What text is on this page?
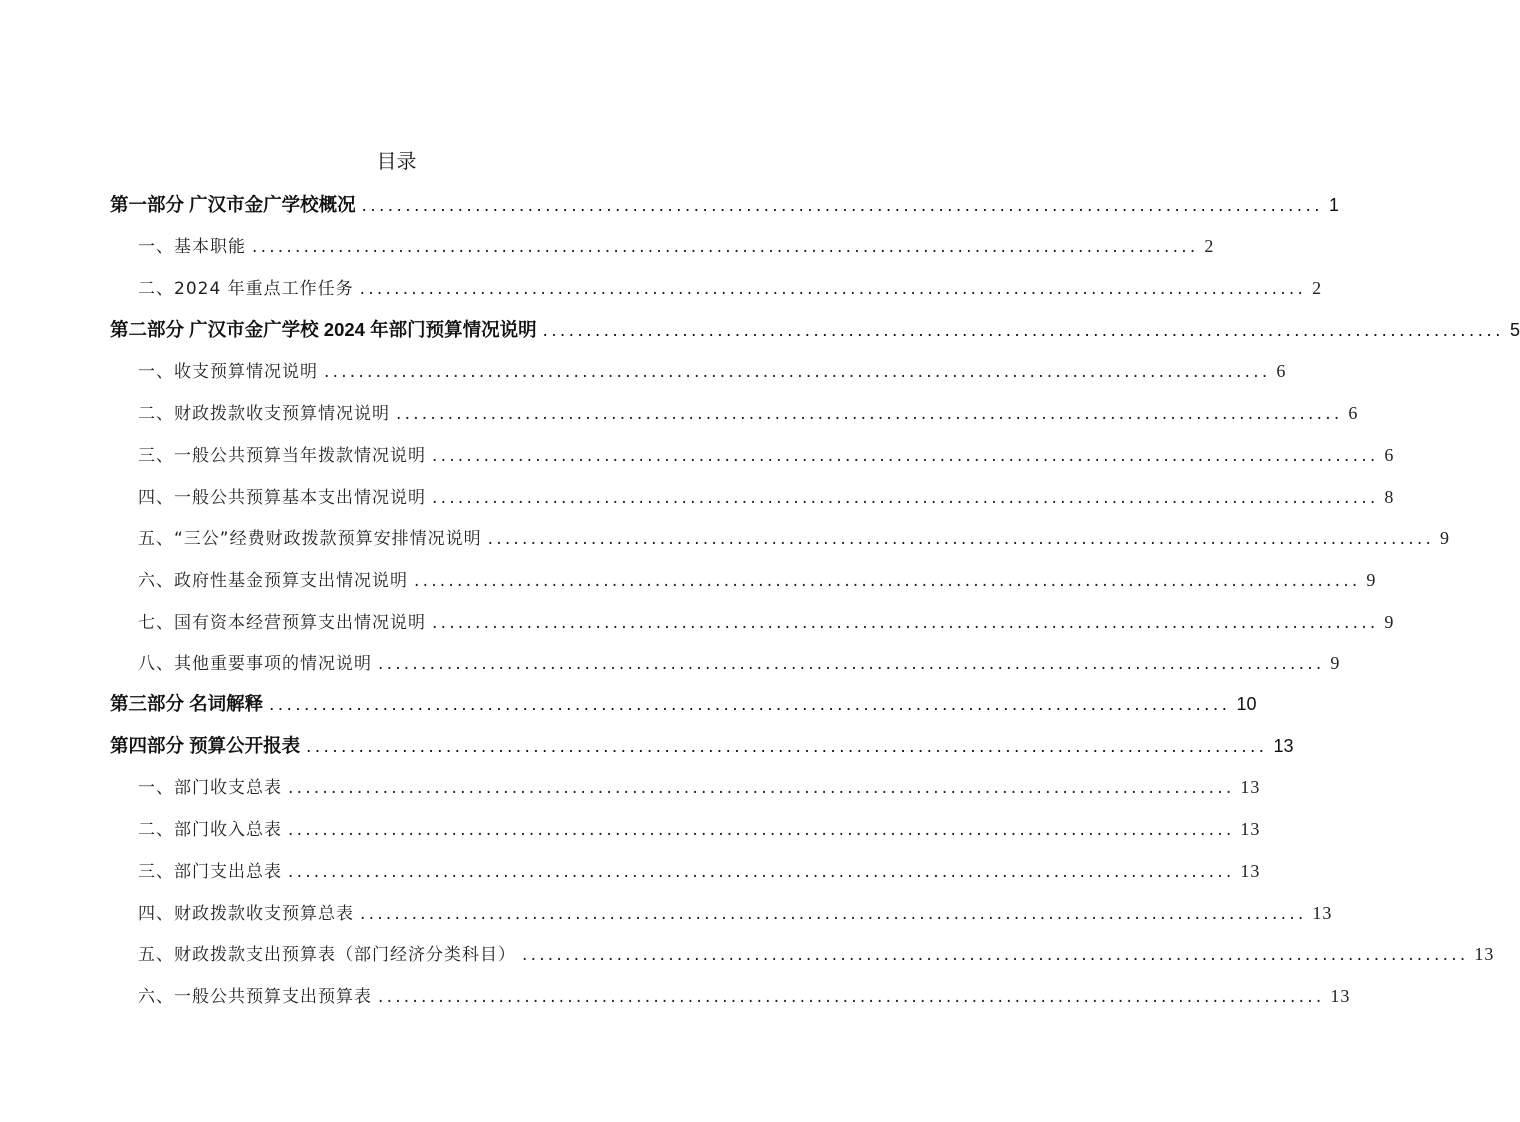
目录
第一部分 广汉市金广学校概况 .............................................................................................................. 1
一、基本职能 .............................................................................................................. 2
二、2024 年重点工作任务 .............................................................................................................. 2
第二部分 广汉市金广学校 2024 年部门预算情况说明 .............................................................................................................. 5
一、收支预算情况说明 .............................................................................................................. 6
二、财政拨款收支预算情况说明 .............................................................................................................. 6
三、一般公共预算当年拨款情况说明 .............................................................................................................. 6
四、一般公共预算基本支出情况说明 .............................................................................................................. 8
五、“三公”经费财政拨款预算安排情况说明 .............................................................................................................. 9
六、政府性基金预算支出情况说明 .............................................................................................................. 9
七、国有资本经营预算支出情况说明 .............................................................................................................. 9
八、其他重要事项的情况说明 .............................................................................................................. 9
第三部分 名词解释 .............................................................................................................. 10
第四部分 预算公开报表 .............................................................................................................. 13
一、部门收支总表 .............................................................................................................. 13
二、部门收入总表 .............................................................................................................. 13
三、部门支出总表 .............................................................................................................. 13
四、财政拨款收支预算总表 .............................................................................................................. 13
五、财政拨款支出预算表（部门经济分类科目） .............................................................................................................. 13
六、一般公共预算支出预算表 .............................................................................................................. 13
